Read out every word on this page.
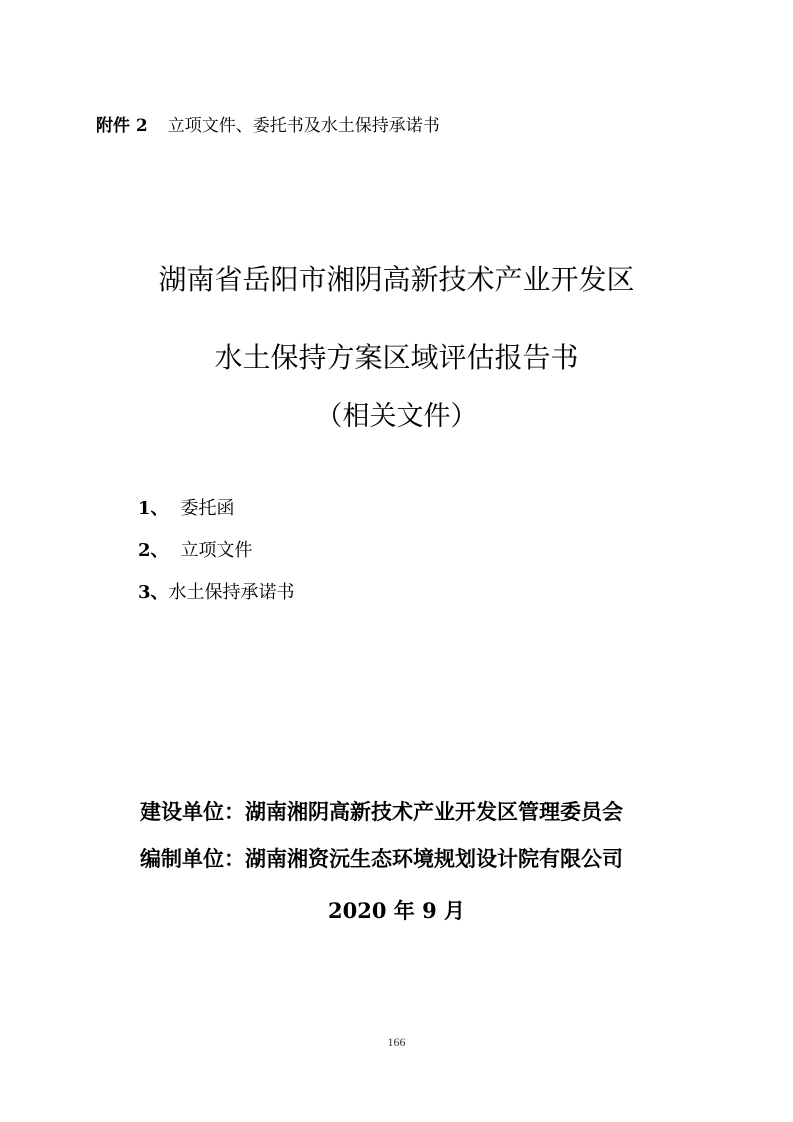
附件 2 立项文件、委托书及水土保持承诺书
湖南省岳阳市湘阴高新技术产业开发区
水土保持方案区域评估报告书
（相关文件）
1、 委托函
2、 立项文件
3、水土保持承诺书
建设单位：湖南湘阴高新技术产业开发区管理委员会
编制单位：湖南湘资沅生态环境规划设计院有限公司
2020 年 9 月
166
